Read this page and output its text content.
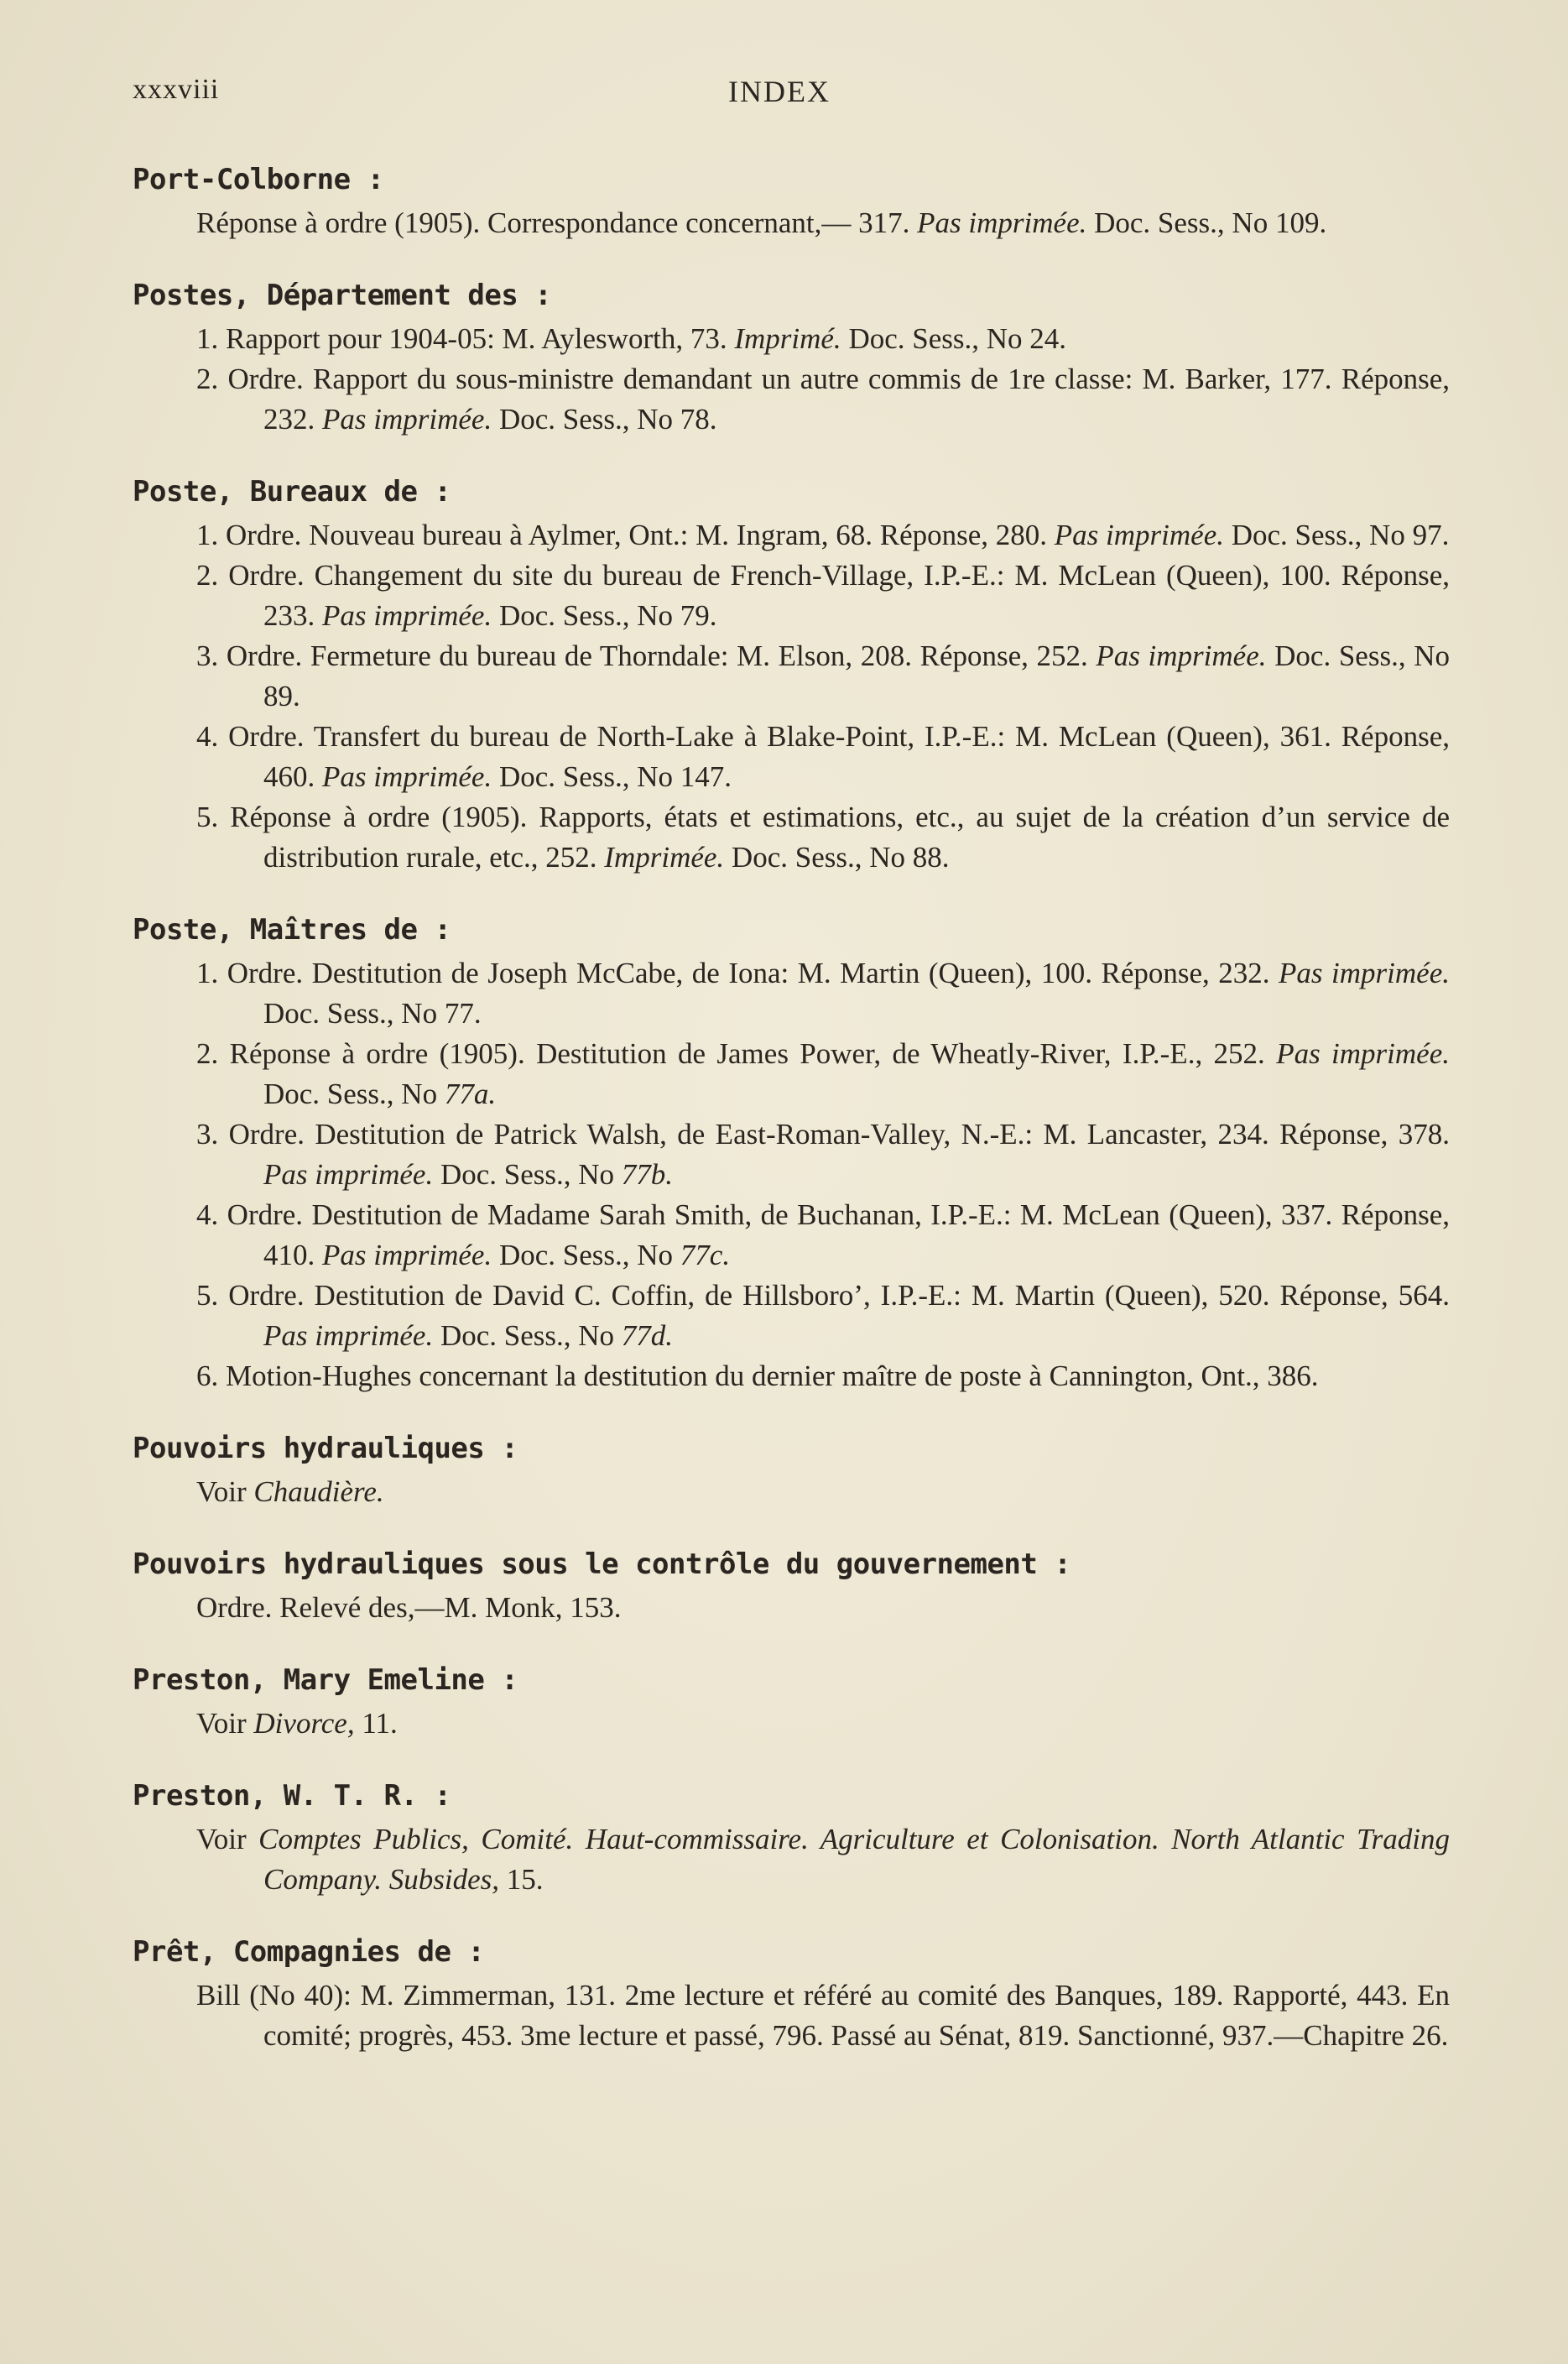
xxxviii	INDEX
Port-Colborne :

Réponse à ordre (1905). Correspondance concernant,— 317. Pas imprimée. Doc. Sess., No 109.

Postes, Département des :

1. Rapport pour 1904-05: M. Aylesworth, 73. Imprimé. Doc. Sess., No 24.

2. Ordre. Rapport du sous-ministre demandant un autre commis de 1re classe: M. Barker, 177. Réponse, 232. Pas imprimée. Doc. Sess., No 78.

Poste, Bureaux de :

1. Ordre. Nouveau bureau à Aylmer, Ont.: M. Ingram, 68. Réponse, 280. Pas imprimée. Doc. Sess., No 97.

2. Ordre. Changement du site du bureau de French-Village, I.P.-E.: M. McLean (Queen), 100. Réponse, 233. Pas imprimée. Doc. Sess., No 79.

3. Ordre. Fermeture du bureau de Thorndale: M. Elson, 208. Réponse, 252. Pas imprimée. Doc. Sess., No 89.

4. Ordre. Transfert du bureau de North-Lake à Blake-Point, I.P.-E.: M. McLean (Queen), 361. Réponse, 460. Pas imprimée. Doc. Sess., No 147.

5. Réponse à ordre (1905). Rapports, états et estimations, etc., au sujet de la création d’un service de distribution rurale, etc., 252. Imprimée. Doc. Sess., No 88.

Poste, Maîtres de :

1. Ordre. Destitution de Joseph McCabe, de Iona: M. Martin (Queen), 100. Réponse, 232. Pas imprimée. Doc. Sess., No 77.

2. Réponse à ordre (1905). Destitution de James Power, de Wheatly-River, I.P.-E., 252. Pas imprimée. Doc. Sess., No 77a.

3. Ordre. Destitution de Patrick Walsh, de East-Roman-Valley, N.-E.: M. Lancaster, 234. Réponse, 378. Pas imprimée. Doc. Sess., No 77b.

4. Ordre. Destitution de Madame Sarah Smith, de Buchanan, I.P.-E.: M. McLean (Queen), 337. Réponse, 410. Pas imprimée. Doc. Sess., No 77c.

5. Ordre. Destitution de David C. Coffin, de Hillsboro’, I.P.-E.: M. Martin (Queen), 520. Réponse, 564. Pas imprimée. Doc. Sess., No 77d.

6. Motion-Hughes concernant la destitution du dernier maître de poste à Cannington, Ont., 386.

Pouvoirs hydrauliques :

Voir Chaudière.

Pouvoirs hydrauliques sous le contrôle du gouvernement :

Ordre. Relevé des,—M. Monk, 153.

Preston, Mary Emeline :

Voir Divorce, 11.

Preston, W. T. R. :

Voir Comptes Publics, Comité. Haut-commissaire. Agriculture et Colonisation. North Atlantic Trading Company. Subsides, 15.

Prêt, Compagnies de :

Bill (No 40): M. Zimmerman, 131. 2me lecture et référé au comité des Banques, 189. Rapporté, 443. En comité; progrès, 453. 3me lecture et passé, 796. Passé au Sénat, 819. Sanctionné, 937.—Chapitre 26.
